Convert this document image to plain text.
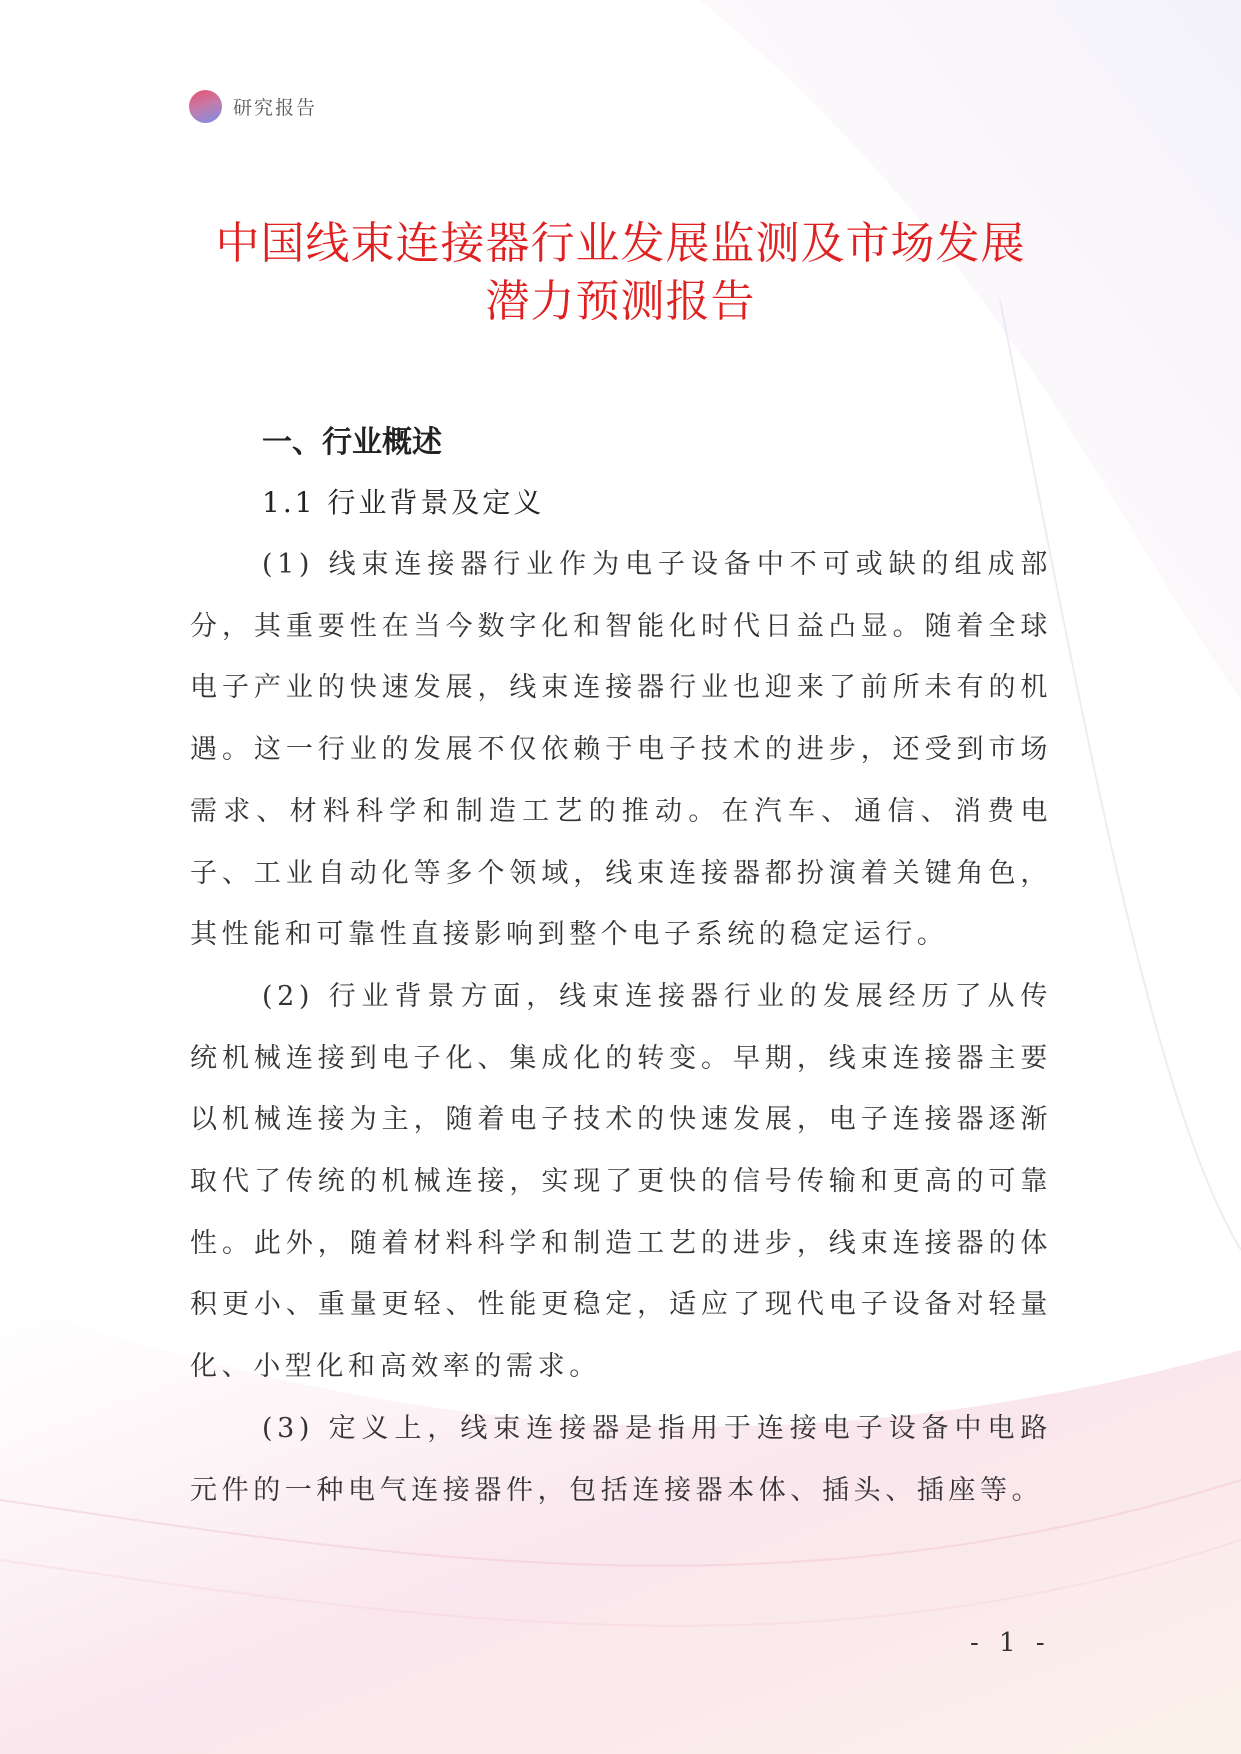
研究报告
中国线束连接器行业发展监测及市场发展
潜力预测报告
一、行业概述
1.1 行业背景及定义

(1) 线束连接器行业作为电子设备中不可或缺的组成部分，其重要性在当今数字化和智能化时代日益凸显。随着全球电子产业的快速发展，线束连接器行业也迎来了前所未有的机遇。这一行业的发展不仅依赖于电子技术的进步，还受到市场需求、材料科学和制造工艺的推动。在汽车、通信、消费电子、工业自动化等多个领域，线束连接器都扮演着关键角色，其性能和可靠性直接影响到整个电子系统的稳定运行。

(2) 行业背景方面，线束连接器行业的发展经历了从传统机械连接到电子化、集成化的转变。早期，线束连接器主要以机械连接为主，随着电子技术的快速发展，电子连接器逐渐取代了传统的机械连接，实现了更快的信号传输和更高的可靠性。此外，随着材料科学和制造工艺的进步，线束连接器的体积更小、重量更轻、性能更稳定，适应了现代电子设备对轻量化、小型化和高效率的需求。

(3) 定义上，线束连接器是指用于连接电子设备中电路元件的一种电气连接器件，包括连接器本体、插头、插座等。

- 1 -
